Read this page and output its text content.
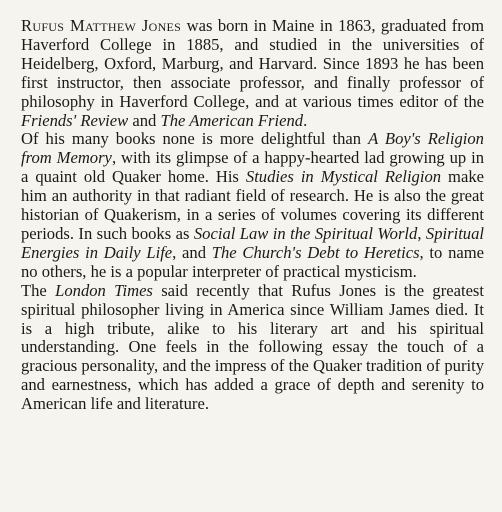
Rufus Matthew Jones was born in Maine in 1863, graduated from Haverford College in 1885, and studied in the universities of Heidelberg, Oxford, Marburg, and Harvard. Since 1893 he has been first instructor, then associate professor, and finally professor of philosophy in Haverford College, and at various times editor of the Friends' Review and The American Friend.

Of his many books none is more delightful than A Boy's Religion from Memory, with its glimpse of a happy-hearted lad growing up in a quaint old Quaker home. His Studies in Mystical Religion make him an authority in that radiant field of research. He is also the great historian of Quakerism, in a series of volumes covering its different periods. In such books as Social Law in the Spiritual World, Spiritual Energies in Daily Life, and The Church's Debt to Heretics, to name no others, he is a popular interpreter of practical mysticism.

The London Times said recently that Rufus Jones is the greatest spiritual philosopher living in America since William James died. It is a high tribute, alike to his literary art and his spiritual understanding. One feels in the following essay the touch of a gracious personality, and the impress of the Quaker tradition of purity and earnestness, which has added a grace of depth and serenity to American life and literature.
